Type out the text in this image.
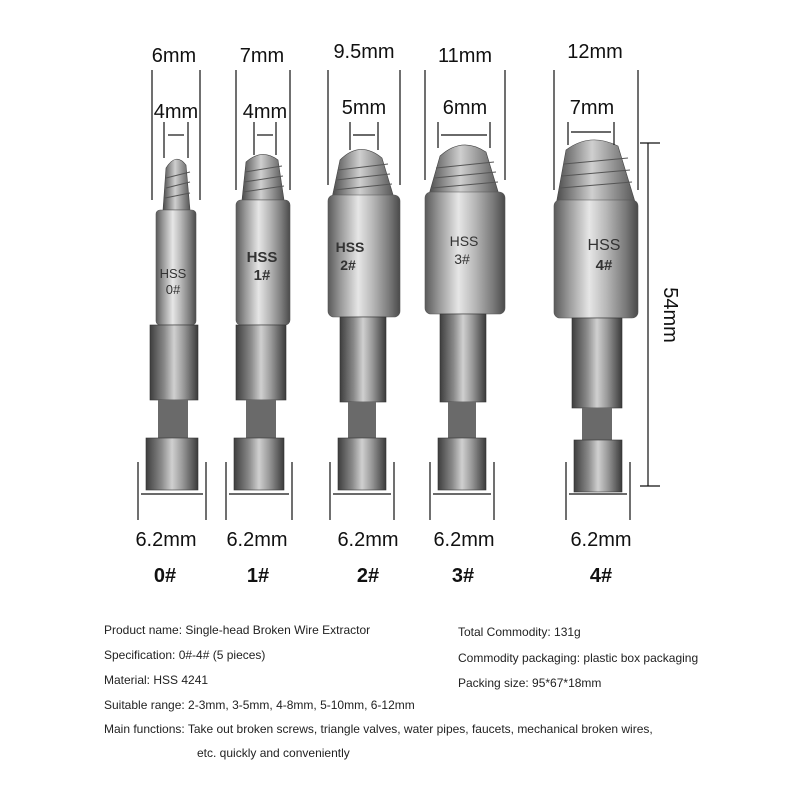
HSS
0#
HSS
1#
HSS
2#
HSS
3#
HSS
4#
6mm
4mm
7mm
4mm
9.5mm
5mm
11mm
6mm
12mm
7mm
6.2mm 6.2mm 6.2mm 6.2mm	6.2mm
0#	1#	2#	3#	4#
54mm
Product name: Single-head Broken Wire Extractor
Specification: 0#-4# (5 pieces)
Material: HSS 4241
Suitable range: 2-3mm, 3-5mm, 4-8mm, 5-10mm, 6-12mm
Main functions: Take out broken screws, triangle valves, water pipes, faucets, mechanical broken wires,
etc. quickly and conveniently
Total Commodity: 131g
Commodity packaging: plastic box packaging
Packing size: 95*67*18mm
